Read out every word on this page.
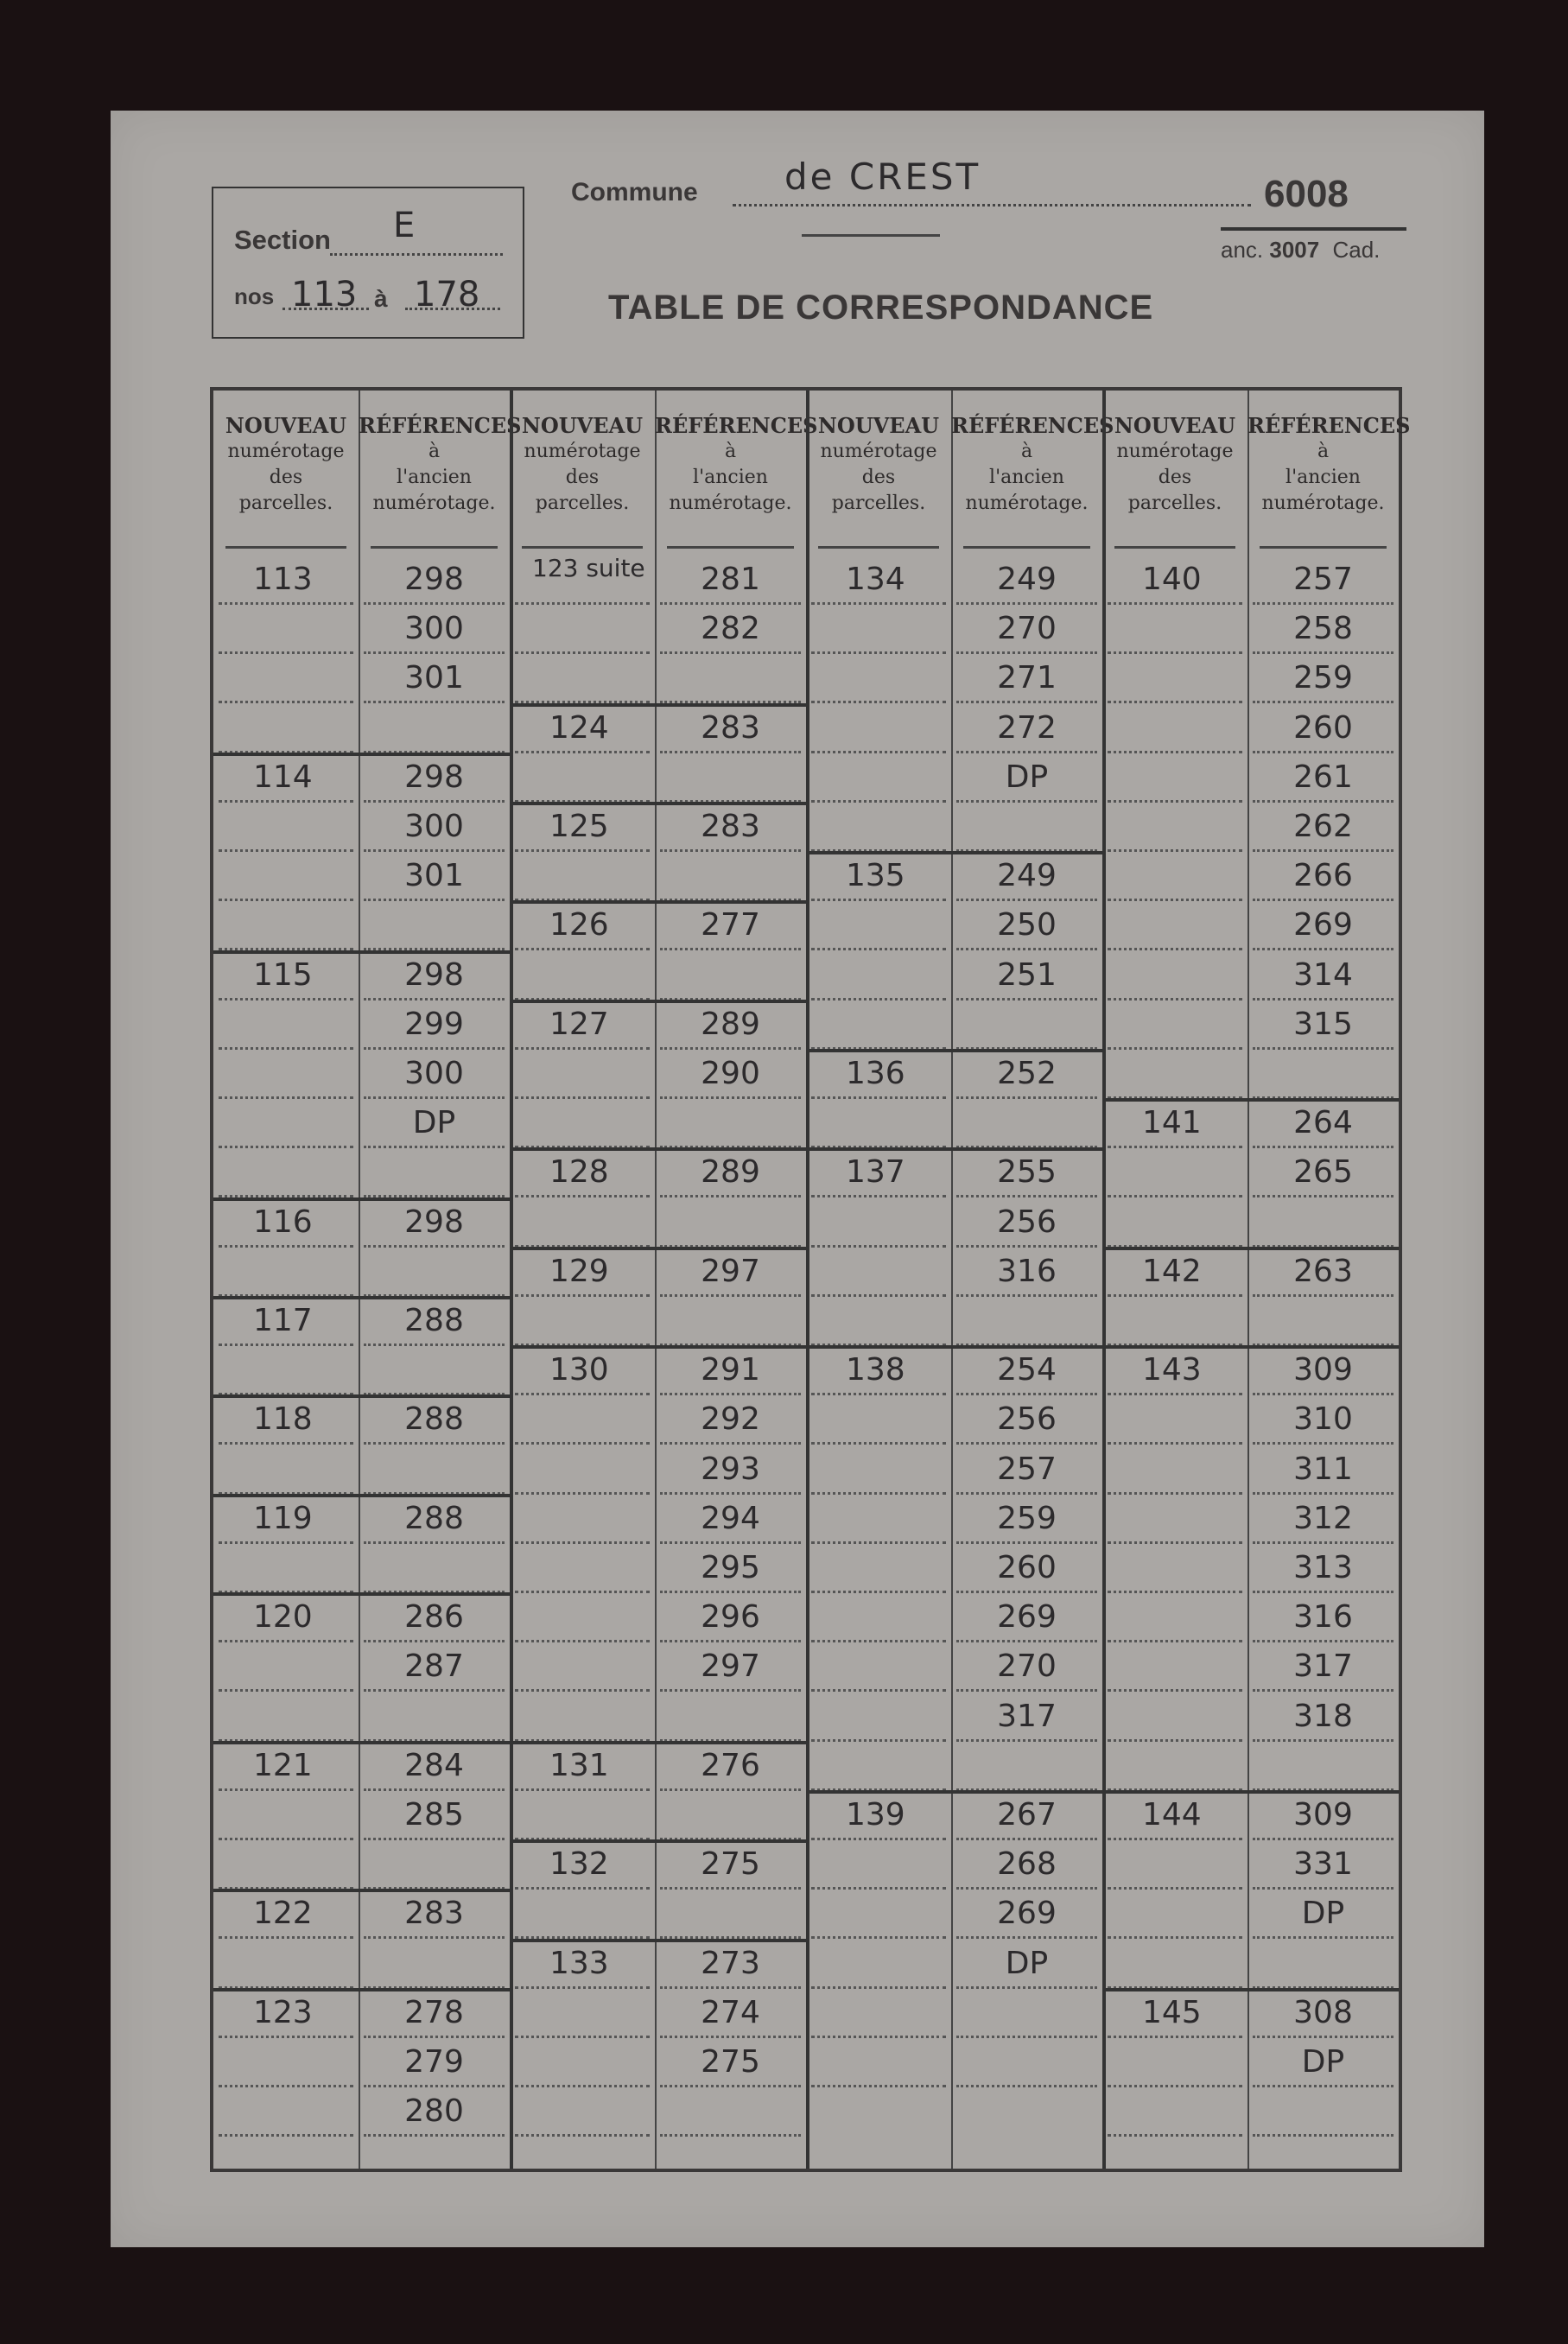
Section E
nos 113 à 178
Commune de CREST	6008
anc. 3007 Cad.
TABLE DE CORRESPONDANCE
NOUVEAU
numérotage
des
parcelles.
RÉFÉRENCES
à
l'ancien
numérotage.
113	298
300
301
114	298
300
301
115	298
299
300
DP
116	298
117	288
118	288
119	288
120	286
287
121	284
285
122	283
123	278
279
280
NOUVEAU
numérotage
des
parcelles.
RÉFÉRENCES
à
l'ancien
numérotage.
123 suite	281
282
124	283
125	283
126	277
127	289
290
128	289
129	297
130	291
292
293
294
295
296
297
131	276
132	275
133	273
274
275
NOUVEAU
numérotage
des
parcelles.
RÉFÉRENCES
à
l'ancien
numérotage.
134	249
270
271
272
DP
135	249
250
251
136	252
137	255
256
316
138	254
256
257
259
260
269
270
317
139	267
268
269
DP
NOUVEAU
numérotage
des
parcelles.
RÉFÉRENCES
à
l'ancien
numérotage.
140	257
258
259
260
261
262
266
269
314
315
141	264
265
142	263
143	309
310
311
312
313
316
317
318
144	309
331
DP
145	308
DP
